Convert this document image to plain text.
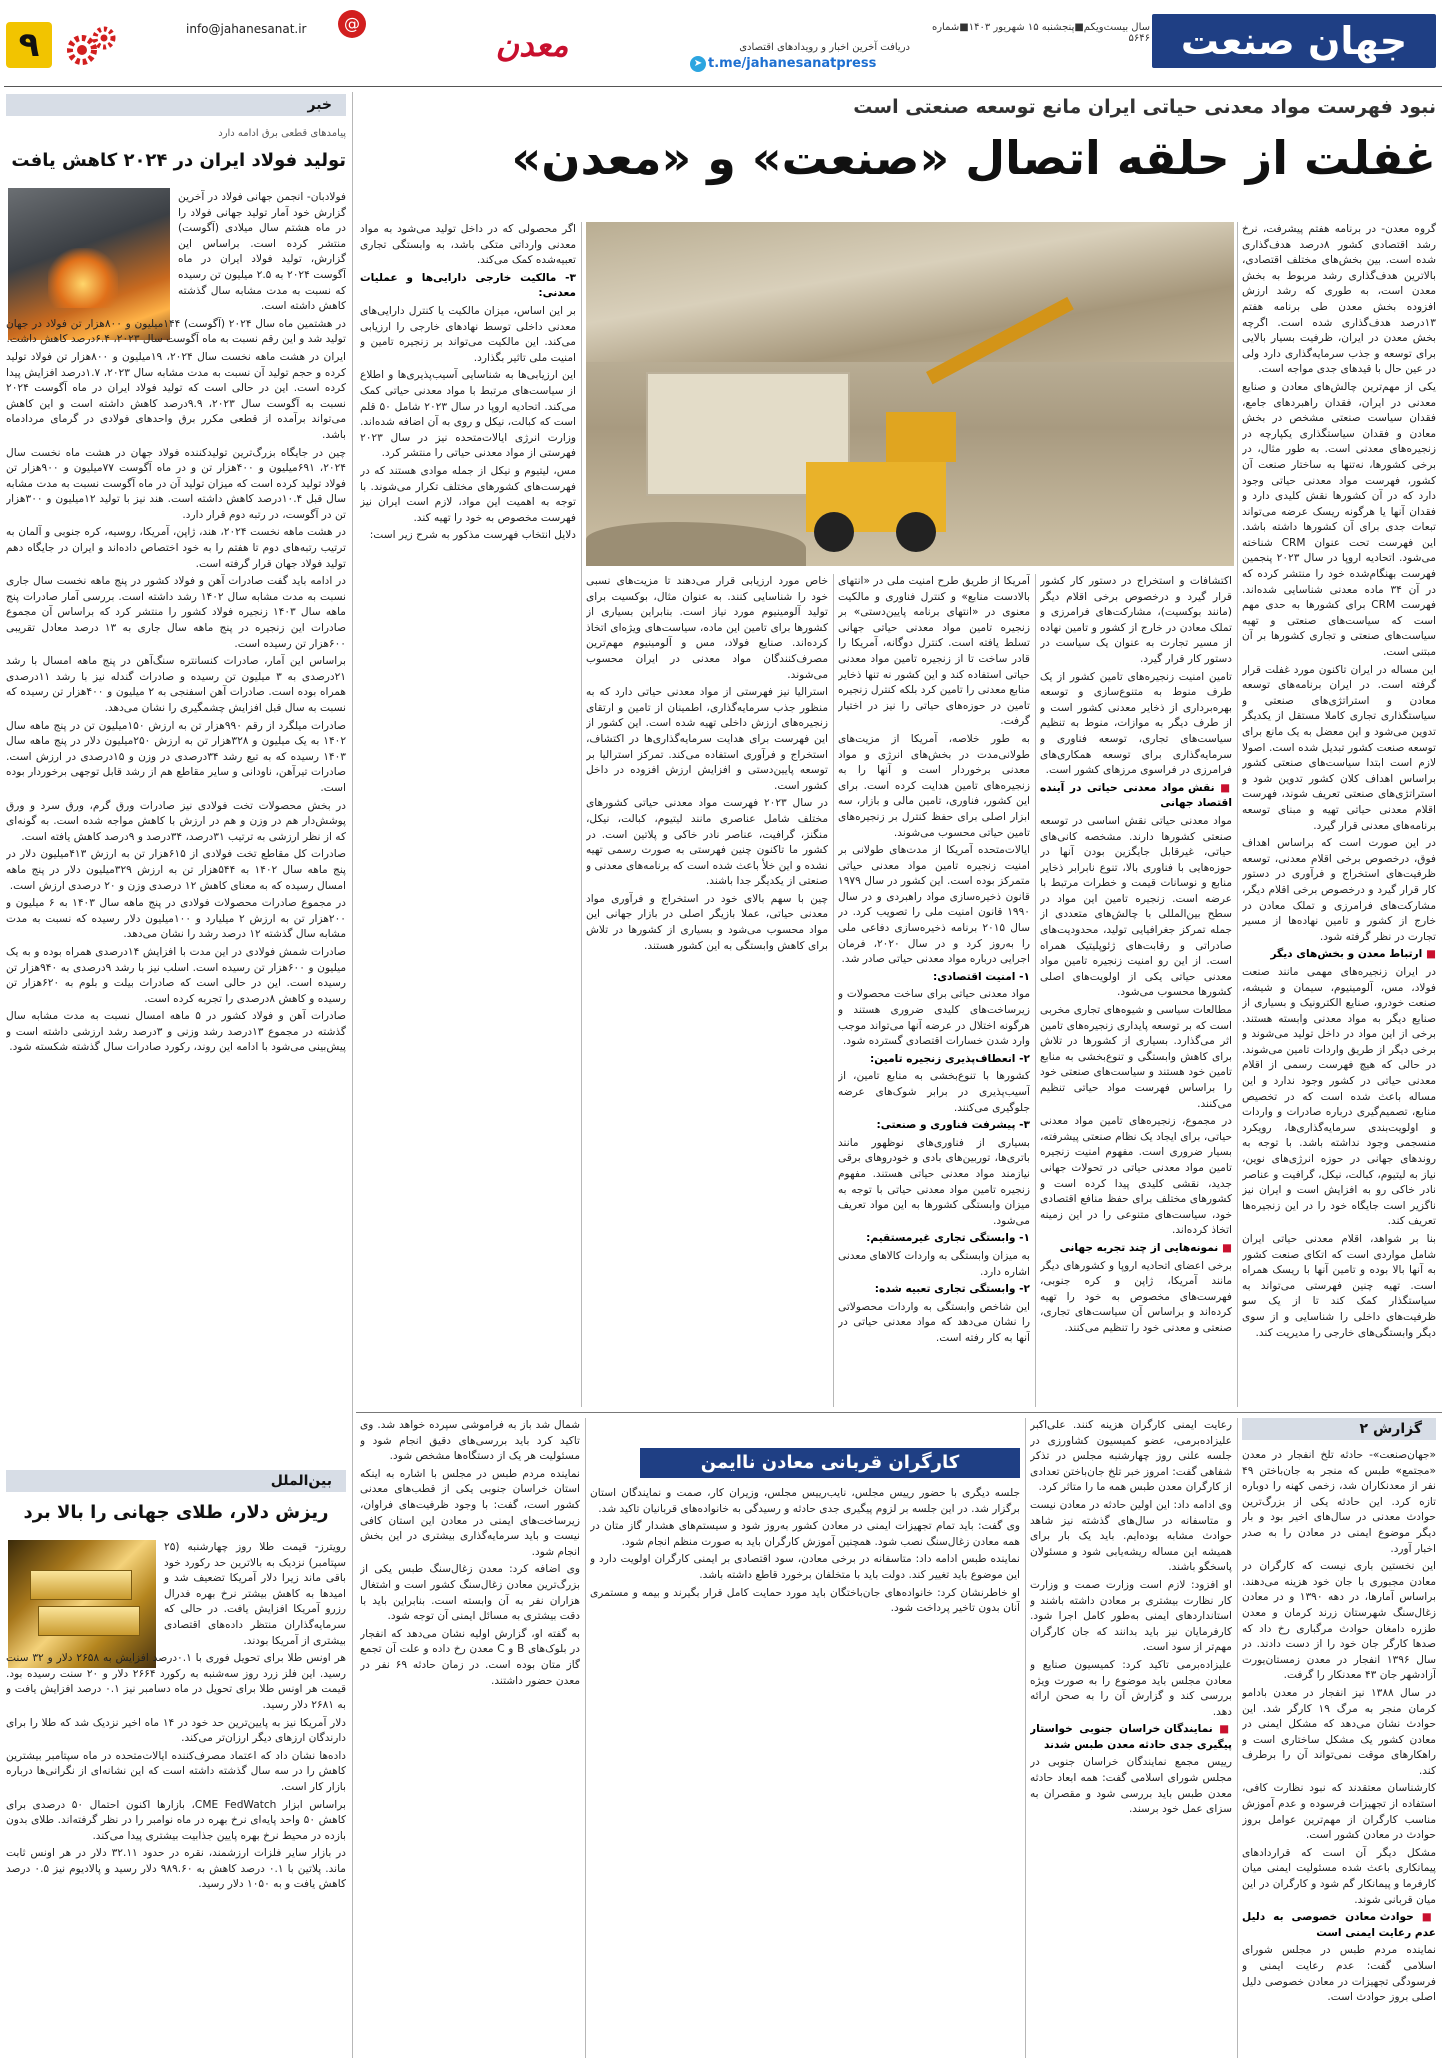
۹	info@jahanesanat.ir	@
معدن	دریافت آخرین اخبار و رویدادهای اقتصادی
➤ t.me/jahanesanatpress
سال بیست‌ویکم■پنجشنبه ۱۵ شهریور ۱۴۰۳■شماره ۵۶۴۶ جهان صنعت
خبر
پیامدهای قطعی برق ادامه دارد
تولید فولاد ایران در ۲۰۲۴ کاهش یافت

فولادبان- انجمن جهانی فولاد در آخرین گزارش خود آمار تولید جهانی فولاد را در ماه هشتم سال میلادی (آگوست) منتشر کرده است. براساس این گزارش، تولید فولاد ایران در ماه آگوست ۲۰۲۴ به ۲.۵ میلیون تن رسیده که نسبت به مدت مشابه سال گذشته کاهش داشته است.

در هشتمین ماه سال ۲۰۲۴ (آگوست) ۱۴۴میلیون و ۸۰۰هزار تن فولاد در جهان تولید شد و این رقم نسبت به ماه آگوست سال ۲۰۲۳، ۶.۴درصد کاهش داشت.

ایران در هشت ماهه نخست سال ۲۰۲۴، ۱۹میلیون و ۸۰۰هزار تن فولاد تولید کرده و حجم تولید آن نسبت به مدت مشابه سال ۲۰۲۳، ۱.۷درصد افزایش پیدا کرده است. این در حالی است که تولید فولاد ایران در ماه آگوست ۲۰۲۴ نسبت به آگوست سال ۲۰۲۳، ۹.۹درصد کاهش داشته است و این کاهش می‌تواند برآمده از قطعی مکرر برق واحدهای فولادی در گرمای مردادماه باشد.

چین در جایگاه بزرگ‌ترین تولیدکننده فولاد جهان در هشت ماه نخست سال ۲۰۲۴، ۶۹۱میلیون و ۴۰۰هزار تن و در ماه آگوست ۷۷میلیون و ۹۰۰هزار تن فولاد تولید کرده است که میزان تولید آن در ماه آگوست نسبت به مدت مشابه سال قبل ۱۰.۴درصد کاهش داشته است. هند نیز با تولید ۱۲میلیون و ۳۰۰هزار تن در آگوست، در رتبه دوم قرار دارد.

در هشت ماهه نخست ۲۰۲۴، هند، ژاپن، آمریکا، روسیه، کره جنوبی و آلمان به ترتیب رتبه‌های دوم تا هفتم را به خود اختصاص داده‌اند و ایران در جایگاه دهم تولید فولاد جهان قرار گرفته است.

در ادامه باید گفت صادرات آهن و فولاد کشور در پنج ماهه نخست سال جاری نسبت به مدت مشابه سال ۱۴۰۲ رشد داشته است. بررسی آمار صادرات پنج ماهه سال ۱۴۰۳ زنجیره فولاد کشور را منتشر کرد که براساس آن مجموع صادرات این زنجیره در پنج ماهه سال جاری به ۱۳ درصد معادل تقریبی ۶۰۰هزار تن رسیده است.

براساس این آمار، صادرات کنسانتره سنگ‌آهن در پنج ماهه امسال با رشد ۲۱درصدی به ۳ میلیون تن رسیده و صادرات گندله نیز با رشد ۱۱درصدی همراه بوده است. صادرات آهن اسفنجی به ۲ میلیون و ۴۰۰هزار تن رسیده که نسبت به سال قبل افزایش چشمگیری را نشان می‌دهد.

صادرات میلگرد از رقم ۹۹۰هزار تن به ارزش ۱۵۰میلیون تن در پنج ماهه سال ۱۴۰۲ به یک میلیون و ۳۲۸هزار تن به ارزش ۲۵۰میلیون دلار در پنج ماهه سال ۱۴۰۳ رسیده که به تبع رشد ۳۴درصدی در وزن و ۱۵درصدی در ارزش است. صادرات تیرآهن، ناودانی و سایر مقاطع هم از رشد قابل توجهی برخوردار بوده است.

در بخش محصولات تخت فولادی نیز صادرات ورق گرم، ورق سرد و ورق پوشش‌دار هم در وزن و هم در ارزش با کاهش مواجه شده است. به گونه‌ای که از نظر ارزشی به ترتیب ۳۱درصد، ۳۴درصد و ۹درصد کاهش یافته است.

صادرات کل مقاطع تخت فولادی از ۶۱۵هزار تن به ارزش ۴۱۳میلیون دلار در پنج ماهه سال ۱۴۰۲ به ۵۴۴هزار تن به ارزش ۳۲۹میلیون دلار در پنج ماهه امسال رسیده که به معنای کاهش ۱۲ درصدی وزن و ۲۰ درصدی ارزش است.

در مجموع صادرات محصولات فولادی در پنج ماهه سال ۱۴۰۳ به ۶ میلیون و ۲۰۰هزار تن به ارزش ۲ میلیارد و ۱۰۰میلیون دلار رسیده که نسبت به مدت مشابه سال گذشته ۱۲ درصد رشد را نشان می‌دهد.

صادرات شمش فولادی در این مدت با افزایش ۱۴درصدی همراه بوده و به یک میلیون و ۶۰۰هزار تن رسیده است. اسلب نیز با رشد ۹درصدی به ۹۴۰هزار تن رسیده است. این در حالی است که صادرات بیلت و بلوم به ۶۲۰هزار تن رسیده و کاهش ۸درصدی را تجربه کرده است.

صادرات آهن و فولاد کشور در ۵ ماهه امسال نسبت به مدت مشابه سال گذشته در مجموع ۱۳درصد رشد وزنی و ۳درصد رشد ارزشی داشته است و پیش‌بینی می‌شود با ادامه این روند، رکورد صادرات سال گذشته شکسته شود.

بین‌الملل
ریزش دلار، طلای جهانی را بالا برد

رویترز- قیمت طلا روز چهارشنبه (۲۵ سپتامبر) نزدیک به بالاترین حد رکورد خود باقی ماند زیرا دلار آمریکا تضعیف شد و امیدها به کاهش بیشتر نرخ بهره فدرال رزرو آمریکا افزایش یافت. در حالی که سرمایه‌گذاران منتظر داده‌های اقتصادی بیشتری از آمریکا بودند.

هر اونس طلا برای تحویل فوری با ۰.۱درصد افزایش به ۲۶۵۸ دلار و ۳۲ سنت رسید. این فلز زرد روز سه‌شنبه به رکورد ۲۶۶۴ دلار و ۲۰ سنت رسیده بود. قیمت هر اونس طلا برای تحویل در ماه دسامبر نیز ۰.۱ درصد افزایش یافت و به ۲۶۸۱ دلار رسید.

دلار آمریکا نیز به پایین‌ترین حد خود در ۱۴ ماه اخیر نزدیک شد که طلا را برای دارندگان ارزهای دیگر ارزان‌تر می‌کند.

داده‌ها نشان داد که اعتماد مصرف‌کننده ایالات‌متحده در ماه سپتامبر بیشترین کاهش را در سه سال گذشته داشته است که این نشانه‌ای از نگرانی‌ها درباره بازار کار است.

براساس ابزار CME FedWatch، بازارها اکنون احتمال ۵۰ درصدی برای کاهش ۵۰ واحد پایه‌ای نرخ بهره در ماه نوامبر را در نظر گرفته‌اند. طلای بدون بازده در محیط نرخ بهره پایین جذابیت بیشتری پیدا می‌کند.

در بازار سایر فلزات ارزشمند، نقره در حدود ۳۲.۱۱ دلار در هر اونس ثابت ماند. پلاتین با ۰.۱ درصد کاهش به ۹۸۹.۶۰ دلار رسید و پالادیوم نیز ۰.۵ درصد کاهش یافت و به ۱۰۵۰ دلار رسید.

نبود فهرست مواد معدنی حیاتی ایران مانع توسعه صنعتی است
غفلت از حلقه اتصال «صنعت» و «معدن»

گروه معدن- در برنامه هفتم پیشرفت، نرخ رشد اقتصادی کشور ۸درصد هدف‌گذاری شده است. بین بخش‌های مختلف اقتصادی، بالاترین هدف‌گذاری رشد مربوط به بخش معدن است، به طوری که رشد ارزش افزوده بخش معدن طی برنامه هفتم ۱۳درصد هدف‌گذاری شده است. اگرچه بخش معدن در ایران، ظرفیت بسیار بالایی برای توسعه و جذب سرمایه‌گذاری دارد ولی در عین حال با قیدهای جدی مواجه است.

یکی از مهم‌ترین چالش‌های معادن و صنایع معدنی در ایران، فقدان راهبردهای جامع، فقدان سیاست صنعتی مشخص در بخش معادن و فقدان سیاستگذاری یکپارچه در زنجیره‌های معدنی است. به طور مثال، در برخی کشورها، نه‌تنها به ساختار صنعت آن کشور، فهرست مواد معدنی حیاتی وجود دارد که در آن کشورها نقش کلیدی دارد و فقدان آنها یا هرگونه ریسک عرضه می‌تواند تبعات جدی برای آن کشورها داشته باشد. این فهرست تحت عنوان CRM شناخته می‌شود. اتحادیه اروپا در سال ۲۰۲۳ پنجمین فهرست بهنگام‌شده خود را منتشر کرده که در آن ۳۴ ماده معدنی شناسایی شده‌اند. فهرست CRM برای کشورها به حدی مهم است که سیاست‌های صنعتی و تهیه سیاست‌های صنعتی و تجاری کشورها بر آن مبتنی است.

این مساله در ایران تاکنون مورد غفلت قرار گرفته است. در ایران برنامه‌های توسعه معادن و استراتژی‌های صنعتی و سیاستگذاری تجاری کاملا مستقل از یکدیگر تدوین می‌شود و این معضل به یک مانع برای توسعه صنعت کشور تبدیل شده است. اصولا لازم است ابتدا سیاست‌های صنعتی کشور براساس اهداف کلان کشور تدوین شود و استراتژی‌های صنعتی تعریف شوند، فهرست اقلام معدنی حیاتی تهیه و مبنای توسعه برنامه‌های معدنی قرار گیرد.

در این صورت است که براساس اهداف فوق، درخصوص برخی اقلام معدنی، توسعه ظرفیت‌های استخراج و فرآوری در دستور کار قرار گیرد و درخصوص برخی اقلام دیگر، مشارکت‌های فرامرزی و تملک معادن در خارج از کشور و تامین نهاده‌ها از مسیر تجارت در نظر گرفته شود.

■ ارتباط معدن و بخش‌های دیگر

در ایران زنجیره‌های مهمی مانند صنعت فولاد، مس، آلومینیوم، سیمان و شیشه، صنعت خودرو، صنایع الکترونیک و بسیاری از صنایع دیگر به مواد معدنی وابسته هستند. برخی از این مواد در داخل تولید می‌شوند و برخی دیگر از طریق واردات تامین می‌شوند. در حالی که هیچ فهرست رسمی از اقلام معدنی حیاتی در کشور وجود ندارد و این مساله باعث شده است که در تخصیص منابع، تصمیم‌گیری درباره صادرات و واردات و اولویت‌بندی سرمایه‌گذاری‌ها، رویکرد منسجمی وجود نداشته باشد. با توجه به روندهای جهانی در حوزه انرژی‌های نوین، نیاز به لیتیوم، کبالت، نیکل، گرافیت و عناصر نادر خاکی رو به افزایش است و ایران نیز ناگزیر است جایگاه خود را در این زنجیره‌ها تعریف کند.

بنا بر شواهد، اقلام معدنی حیاتی ایران شامل مواردی است که اتکای صنعت کشور به آنها بالا بوده و تامین آنها با ریسک همراه است. تهیه چنین فهرستی می‌تواند به سیاستگذار کمک کند تا از یک سو ظرفیت‌های داخلی را شناسایی و از سوی دیگر وابستگی‌های خارجی را مدیریت کند.

اکتشافات و استخراج در دستور کار کشور قرار گیرد و درخصوص برخی اقلام دیگر (مانند بوکسیت)، مشارکت‌های فرامرزی و تملک معادن در خارج از کشور و تامین نهاده از مسیر تجارت به عنوان یک سیاست در دستور کار قرار گیرد.

تامین امنیت زنجیره‌های تامین کشور از یک طرف منوط به متنوع‌سازی و توسعه بهره‌برداری از ذخایر معدنی کشور است و از طرف دیگر به موازات، منوط به تنظیم سیاست‌های تجاری، توسعه فناوری و سرمایه‌گذاری برای توسعه همکاری‌های فرامرزی در فراسوی مرزهای کشور است.

■ نقش مواد معدنی حیاتی در آینده اقتصاد جهانی

مواد معدنی حیاتی نقش اساسی در توسعه صنعتی کشورها دارند. مشخصه کانی‌های حیاتی، غیرقابل جایگزین بودن آنها در حوزه‌هایی با فناوری بالا، تنوع نابرابر ذخایر منابع و نوسانات قیمت و خطرات مرتبط با عرضه است. زنجیره تامین این مواد در سطح بین‌المللی با چالش‌های متعددی از جمله تمرکز جغرافیایی تولید، محدودیت‌های صادراتی و رقابت‌های ژئوپلیتیک همراه است. از این رو امنیت زنجیره تامین مواد معدنی حیاتی یکی از اولویت‌های اصلی کشورها محسوب می‌شود.

مطالعات سیاسی و شیوه‌های تجاری مخربی است که بر توسعه پایداری زنجیره‌های تامین اثر می‌گذارد. بسیاری از کشورها در تلاش برای کاهش وابستگی و تنوع‌بخشی به منابع تامین خود هستند و سیاست‌های صنعتی خود را براساس فهرست مواد حیاتی تنظیم می‌کنند.

در مجموع، زنجیره‌های تامین مواد معدنی حیاتی، برای ایجاد یک نظام صنعتی پیشرفته، بسیار ضروری است. مفهوم امنیت زنجیره تامین مواد معدنی حیاتی در تحولات جهانی جدید، نقشی کلیدی پیدا کرده است و کشورهای مختلف برای حفظ منافع اقتصادی خود، سیاست‌های متنوعی را در این زمینه اتخاذ کرده‌اند.

■ نمونه‌هایی از چند تجربه جهانی

برخی اعضای اتحادیه اروپا و کشورهای دیگر مانند آمریکا، ژاپن و کره جنوبی، فهرست‌های مخصوص به خود را تهیه کرده‌اند و براساس آن سیاست‌های تجاری، صنعتی و معدنی خود را تنظیم می‌کنند.

آمریکا از طریق طرح امنیت ملی در «انتهای بالادست منابع» و کنترل فناوری و مالکیت معنوی در «انتهای برنامه پایین‌دستی» بر زنجیره تامین مواد معدنی حیاتی جهانی تسلط یافته است. کنترل دوگانه، آمریکا را قادر ساخت تا از زنجیره تامین مواد معدنی حیاتی استفاده کند و این کشور نه تنها ذخایر منابع معدنی را تامین کرد بلکه کنترل زنجیره تامین در حوزه‌های حیاتی را نیز در اختیار گرفت.

به طور خلاصه، آمریکا از مزیت‌های طولانی‌مدت در بخش‌های انرژی و مواد معدنی برخوردار است و آنها را به زنجیره‌های تامین هدایت کرده است. برای این کشور، فناوری، تامین مالی و بازار، سه ابزار اصلی برای حفظ کنترل بر زنجیره‌های تامین حیاتی محسوب می‌شوند.

ایالات‌متحده آمریکا از مدت‌های طولانی بر امنیت زنجیره تامین مواد معدنی حیاتی متمرکز بوده است. این کشور در سال ۱۹۷۹ قانون ذخیره‌سازی مواد راهبردی و در سال ۱۹۹۰ قانون امنیت ملی را تصویب کرد. در سال ۲۰۱۵ برنامه ذخیره‌سازی دفاعی ملی را به‌روز کرد و در سال ۲۰۲۰، فرمان اجرایی درباره مواد معدنی حیاتی صادر شد.

۱- امنیت اقتصادی:

مواد معدنی حیاتی برای ساخت محصولات و زیرساخت‌های کلیدی ضروری هستند و هرگونه اختلال در عرضه آنها می‌تواند موجب وارد شدن خسارات اقتصادی گسترده شود.

۲- انعطاف‌پذیری زنجیره تامین:

کشورها با تنوع‌بخشی به منابع تامین، از آسیب‌پذیری در برابر شوک‌های عرضه جلوگیری می‌کنند.

۳- پیشرفت فناوری و صنعتی:

بسیاری از فناوری‌های نوظهور مانند باتری‌ها، توربین‌های بادی و خودروهای برقی نیازمند مواد معدنی حیاتی هستند. مفهوم زنجیره تامین مواد معدنی حیاتی با توجه به میزان وابستگی کشورها به این مواد تعریف می‌شود.

۱- وابستگی تجاری غیرمستقیم:

به میزان وابستگی به واردات کالاهای معدنی اشاره دارد.

۲- وابستگی تجاری تعبیه شده:

این شاخص وابستگی به واردات محصولاتی را نشان می‌دهد که مواد معدنی حیاتی در آنها به کار رفته است.

خاص مورد ارزیابی قرار می‌دهند تا مزیت‌های نسبی خود را شناسایی کنند. به عنوان مثال، بوکسیت برای تولید آلومینیوم مورد نیاز است. بنابراین بسیاری از کشورها برای تامین این ماده، سیاست‌های ویژه‌ای اتخاذ کرده‌اند. صنایع فولاد، مس و آلومینیوم مهم‌ترین مصرف‌کنندگان مواد معدنی در ایران محسوب می‌شوند.

استرالیا نیز فهرستی از مواد معدنی حیاتی دارد که به منظور جذب سرمایه‌گذاری، اطمینان از تامین و ارتقای زنجیره‌های ارزش داخلی تهیه شده است. این کشور از این فهرست برای هدایت سرمایه‌گذاری‌ها در اکتشاف، استخراج و فرآوری استفاده می‌کند. تمرکز استرالیا بر توسعه پایین‌دستی و افزایش ارزش افزوده در داخل کشور است.

در سال ۲۰۲۳ فهرست مواد معدنی حیاتی کشورهای مختلف شامل عناصری مانند لیتیوم، کبالت، نیکل، منگنز، گرافیت، عناصر نادر خاکی و پلاتین است. در کشور ما تاکنون چنین فهرستی به صورت رسمی تهیه نشده و این خلأ باعث شده است که برنامه‌های معدنی و صنعتی از یکدیگر جدا باشند.

چین با سهم بالای خود در استخراج و فرآوری مواد معدنی حیاتی، عملا بازیگر اصلی در بازار جهانی این مواد محسوب می‌شود و بسیاری از کشورها در تلاش برای کاهش وابستگی به این کشور هستند.

اگر محصولی که در داخل تولید می‌شود به مواد معدنی وارداتی متکی باشد، به وابستگی تجاری تعبیه‌شده کمک می‌کند.

۳- مالکیت خارجی دارایی‌ها و عملیات معدنی:

بر این اساس، میزان مالکیت یا کنترل دارایی‌های معدنی داخلی توسط نهادهای خارجی را ارزیابی می‌کند. این مالکیت می‌تواند بر زنجیره تامین و امنیت ملی تاثیر بگذارد.

این ارزیابی‌ها به شناسایی آسیب‌پذیری‌ها و اطلاع از سیاست‌های مرتبط با مواد معدنی حیاتی کمک می‌کند. اتحادیه اروپا در سال ۲۰۲۳ شامل ۵۰ قلم است که کبالت، نیکل و روی به آن اضافه شده‌اند. وزارت انرژی ایالات‌متحده نیز در سال ۲۰۲۳ فهرستی از مواد معدنی حیاتی را منتشر کرد.

مس، لیتیوم و نیکل از جمله موادی هستند که در فهرست‌های کشورهای مختلف تکرار می‌شوند. با توجه به اهمیت این مواد، لازم است ایران نیز فهرست مخصوص به خود را تهیه کند.

دلایل انتخاب فهرست مذکور به شرح زیر است:

گزارش ۲
کارگران قربانی معادن ناایمن	«جهان‌صنعت»- حادثه تلخ انفجار در معدن «مجتمع» طبس که منجر به جان‌باختن ۴۹ نفر از معدنکاران شد، زخمی کهنه را دوباره تازه کرد. این حادثه یکی از بزرگ‌ترین حوادث معدنی در سال‌های اخیر بود و بار دیگر موضوع ایمنی در معادن را به صدر اخبار آورد.

این نخستین باری نیست که کارگران در معادن مجبوری با جان خود هزینه می‌دهند. براساس آمارها، در دهه ۱۳۹۰ و در معادن زغال‌سنگ شهرستان زرند کرمان و معدن طزره دامغان حوادث مرگباری رخ داد که صدها کارگر جان خود را از دست دادند. در سال ۱۳۹۶ انفجار در معدن زمستان‌یورت آزادشهر جان ۴۳ معدنکار را گرفت.

در سال ۱۳۸۸ نیز انفجار در معدن بادامو کرمان منجر به مرگ ۱۹ کارگر شد. این حوادث نشان می‌دهد که مشکل ایمنی در معادن کشور یک مشکل ساختاری است و راهکارهای موقت نمی‌تواند آن را برطرف کند.

کارشناسان معتقدند که نبود نظارت کافی، استفاده از تجهیزات فرسوده و عدم آموزش مناسب کارگران از مهم‌ترین عوامل بروز حوادث در معادن کشور است.

مشکل دیگر آن است که قراردادهای پیمانکاری باعث شده مسئولیت ایمنی میان کارفرما و پیمانکار گم شود و کارگران در این میان قربانی شوند.

■ حوادث معادن خصوصی به دلیل عدم رعایت ایمنی است

نماینده مردم طبس در مجلس شورای اسلامی گفت: عدم رعایت ایمنی و فرسودگی تجهیزات در معادن خصوصی دلیل اصلی بروز حوادث است.

رعایت ایمنی کارگران هزینه کنند. علی‌اکبر علیزاده‌برمی، عضو کمیسیون کشاورزی در جلسه علنی روز چهارشنبه مجلس در تذکر شفاهی گفت: امروز خبر تلخ جان‌باختن تعدادی از کارگران معدن طبس همه ما را متاثر کرد.

وی ادامه داد: این اولین حادثه در معادن نیست و متاسفانه در سال‌های گذشته نیز شاهد حوادث مشابه بوده‌ایم. باید یک بار برای همیشه این مساله ریشه‌یابی شود و مسئولان پاسخگو باشند.

او افزود: لازم است وزارت صمت و وزارت کار نظارت بیشتری بر معادن داشته باشند و استانداردهای ایمنی به‌طور کامل اجرا شود. کارفرمایان نیز باید بدانند که جان کارگران مهم‌تر از سود است.

علیزاده‌برمی تاکید کرد: کمیسیون صنایع و معادن مجلس باید موضوع را به صورت ویژه بررسی کند و گزارش آن را به صحن ارائه دهد.

■ نمایندگان خراسان جنوبی خواستار پیگیری جدی حادثه معدن طبس شدند

رییس مجمع نمایندگان خراسان جنوبی در مجلس شورای اسلامی گفت: همه ابعاد حادثه معدن طبس باید بررسی شود و مقصران به سزای عمل خود برسند.

جلسه دیگری با حضور رییس مجلس، نایب‌رییس مجلس، وزیران کار، صمت و نمایندگان استان برگزار شد. در این جلسه بر لزوم پیگیری جدی حادثه و رسیدگی به خانواده‌های قربانیان تاکید شد.

وی گفت: باید تمام تجهیزات ایمنی در معادن کشور به‌روز شود و سیستم‌های هشدار گاز متان در همه معادن زغال‌سنگ نصب شود. همچنین آموزش کارگران باید به صورت منظم انجام شود.

نماینده طبس ادامه داد: متاسفانه در برخی معادن، سود اقتصادی بر ایمنی کارگران اولویت دارد و این موضوع باید تغییر کند. دولت باید با متخلفان برخورد قاطع داشته باشد.

او خاطرنشان کرد: خانواده‌های جان‌باختگان باید مورد حمایت کامل قرار بگیرند و بیمه و مستمری آنان بدون تاخیر پرداخت شود.

شمال شد باز به فراموشی سپرده خواهد شد. وی تاکید کرد باید بررسی‌های دقیق انجام شود و مسئولیت هر یک از دستگاه‌ها مشخص شود.

نماینده مردم طبس در مجلس با اشاره به اینکه استان خراسان جنوبی یکی از قطب‌های معدنی کشور است، گفت: با وجود ظرفیت‌های فراوان، زیرساخت‌های ایمنی در معادن این استان کافی نیست و باید سرمایه‌گذاری بیشتری در این بخش انجام شود.

وی اضافه کرد: معدن زغال‌سنگ طبس یکی از بزرگ‌ترین معادن زغال‌سنگ کشور است و اشتغال هزاران نفر به آن وابسته است. بنابراین باید با دقت بیشتری به مسائل ایمنی آن توجه شود.

به گفته او، گزارش اولیه نشان می‌دهد که انفجار در بلوک‌های B و C معدن رخ داده و علت آن تجمع گاز متان بوده است. در زمان حادثه ۶۹ نفر در معدن حضور داشتند.
